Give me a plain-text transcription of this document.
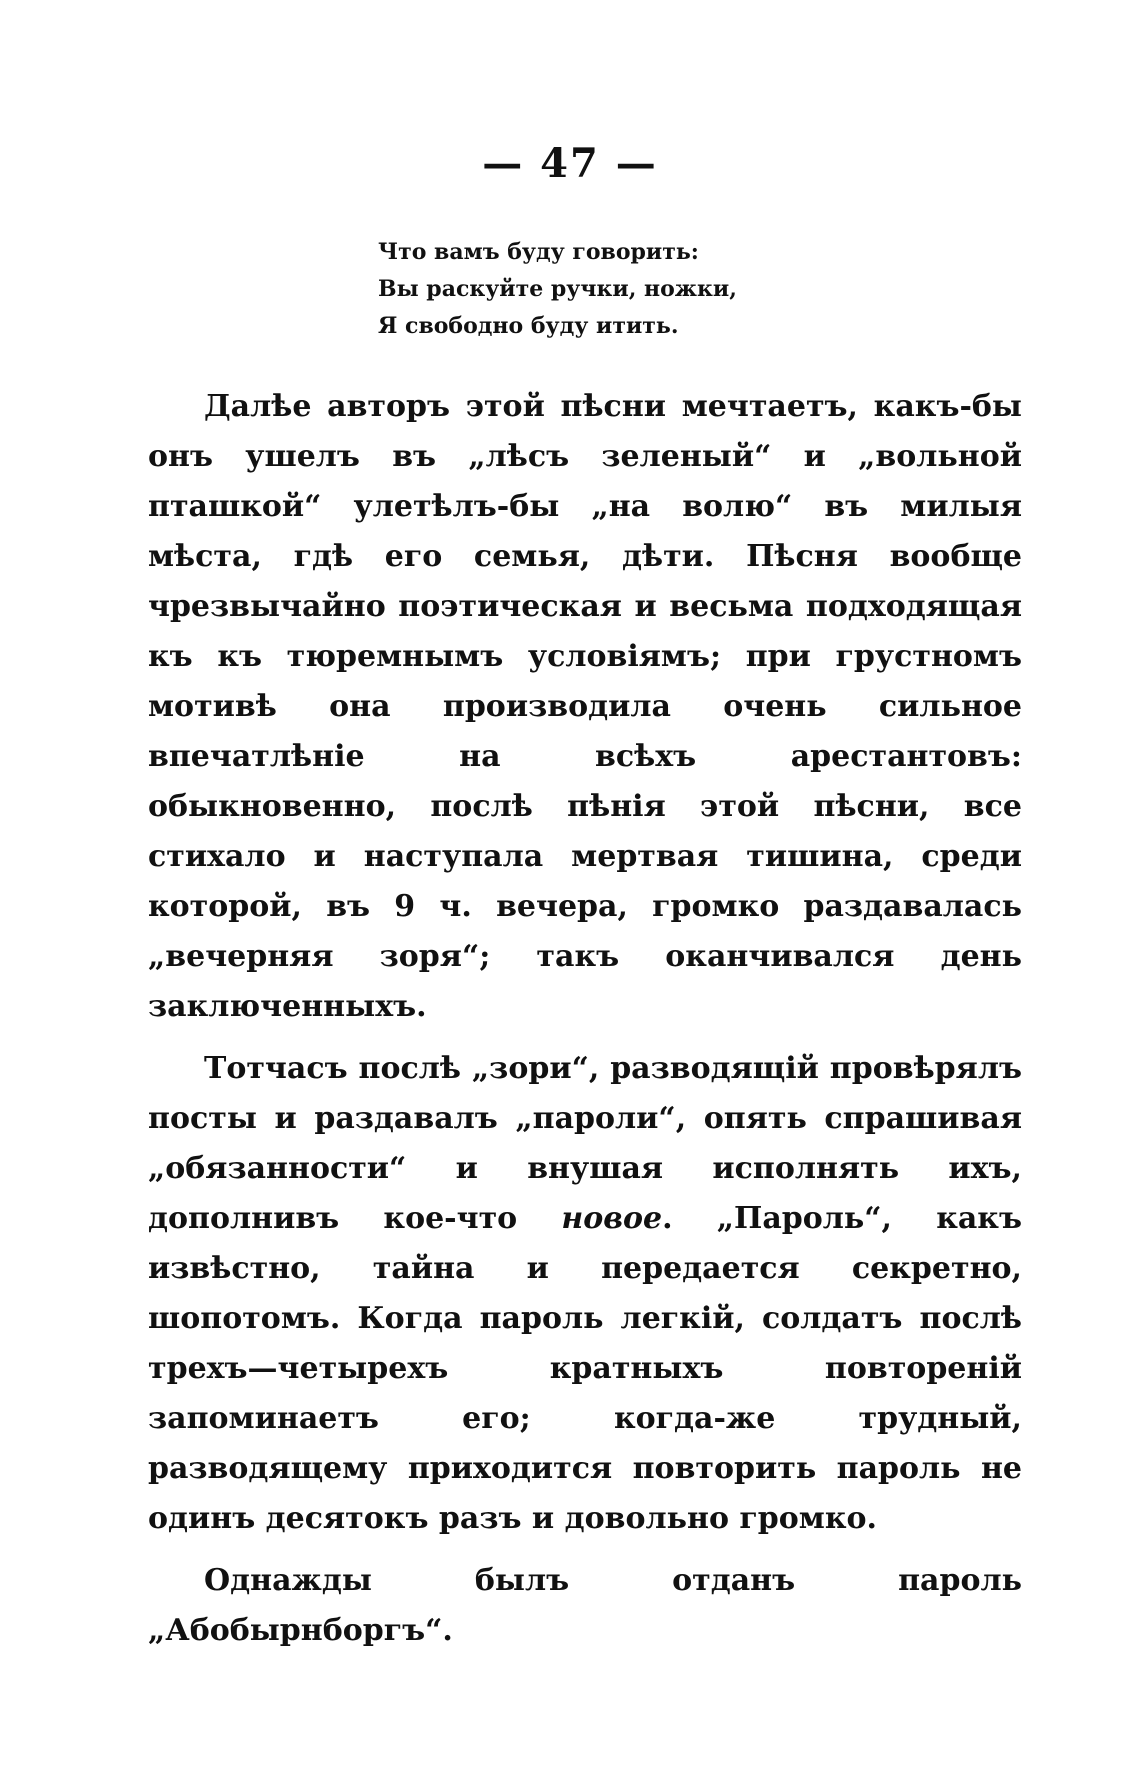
— 47 —
Что вамъ буду говорить:
Вы раскуйте ручки, ножки,
Я свободно буду итить.

Далѣе авторъ этой пѣсни мечтаетъ, какъ-бы онъ ушелъ въ „лѣсъ зеленый“ и „вольной пташкой“ улетѣлъ-бы „на волю“ въ милыя мѣста, гдѣ его семья, дѣти. Пѣсня вообще чрезвычайно поэтическая и весьма подходящая къ къ тюремнымъ условіямъ; при грустномъ мотивѣ она производила очень сильное впечатлѣніе на всѣхъ арестантовъ: обыкновенно, послѣ пѣнія этой пѣсни, все стихало и наступала мертвая тишина, среди которой, въ 9 ч. вечера, громко раздавалась „вечерняя зоря“; такъ оканчивался день заключенныхъ.

Тотчасъ послѣ „зори“, разводящій провѣрялъ посты и раздавалъ „пароли“, опять спрашивая „обязанности“ и внушая исполнять ихъ, дополнивъ кое-что новое. „Пароль“, какъ извѣстно, тайна и передается секретно, шопотомъ. Когда пароль легкій, солдатъ послѣ трехъ—четырехъ кратныхъ повтореній запоминаетъ его; когда-же трудный, разводящему приходится повторить пароль не одинъ десятокъ разъ и довольно громко.

Однажды былъ отданъ пароль „Абобырнборгъ“.
